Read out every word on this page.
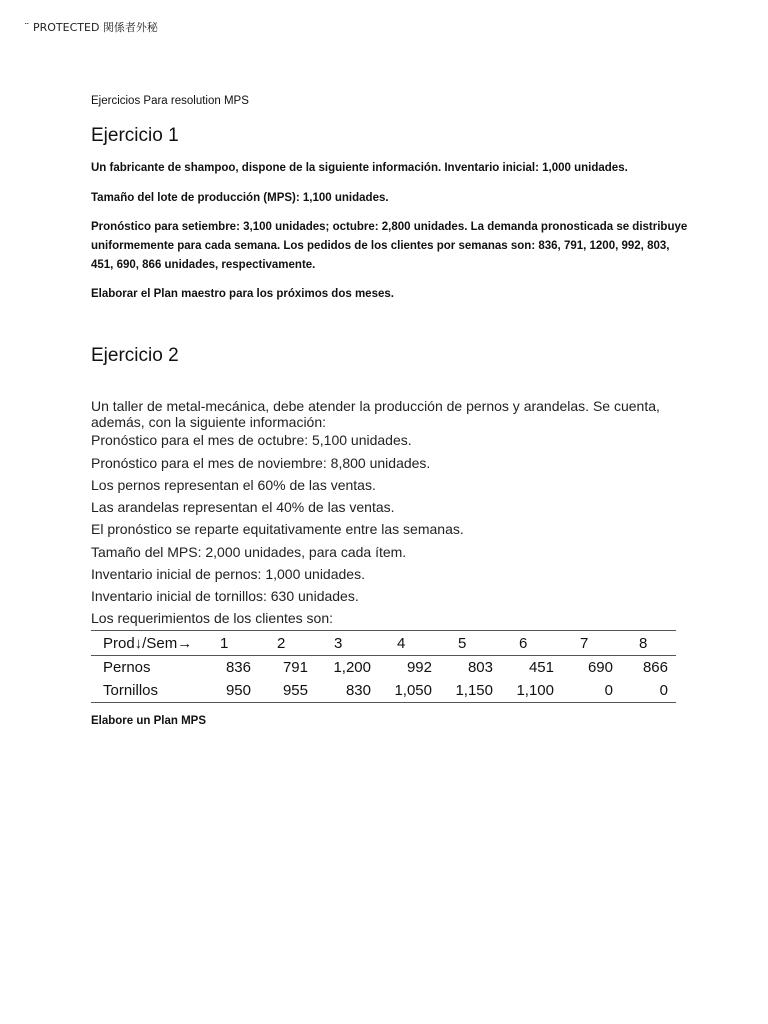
¨ PROTECTED 関係者外秘
Ejercicios Para resolution MPS
Ejercicio 1
Un fabricante de shampoo, dispone de la siguiente información. Inventario inicial: 1,000 unidades.
Tamaño del lote de producción (MPS): 1,100 unidades.
Pronóstico para setiembre: 3,100 unidades; octubre: 2,800 unidades. La demanda pronosticada se distribuye uniformemente para cada semana. Los pedidos de los clientes por semanas son: 836, 791, 1200, 992, 803, 451, 690, 866 unidades, respectivamente.
Elaborar el Plan maestro para los próximos dos meses.
Ejercicio 2
Un taller de metal-mecánica, debe atender la producción de pernos y arandelas. Se cuenta, además, con la siguiente información:
Pronóstico para el mes de octubre: 5,100 unidades.
Pronóstico para el mes de noviembre: 8,800 unidades.
Los pernos representan el 60% de las ventas.
Las arandelas representan el 40% de las ventas.
El pronóstico se reparte equitativamente entre las semanas.
Tamaño del MPS: 2,000 unidades, para cada ítem.
Inventario inicial de pernos: 1,000 unidades.
Inventario inicial de tornillos: 630 unidades.
Los requerimientos de los clientes son:
Prod↓/Sem→	1	2	3	4	5	6	7	8
Pernos	836	791	1,200	992	803	451	690	866
Tornillos	950	955	830	1,050	1,150	1,100	0	0
Elabore un Plan MPS
